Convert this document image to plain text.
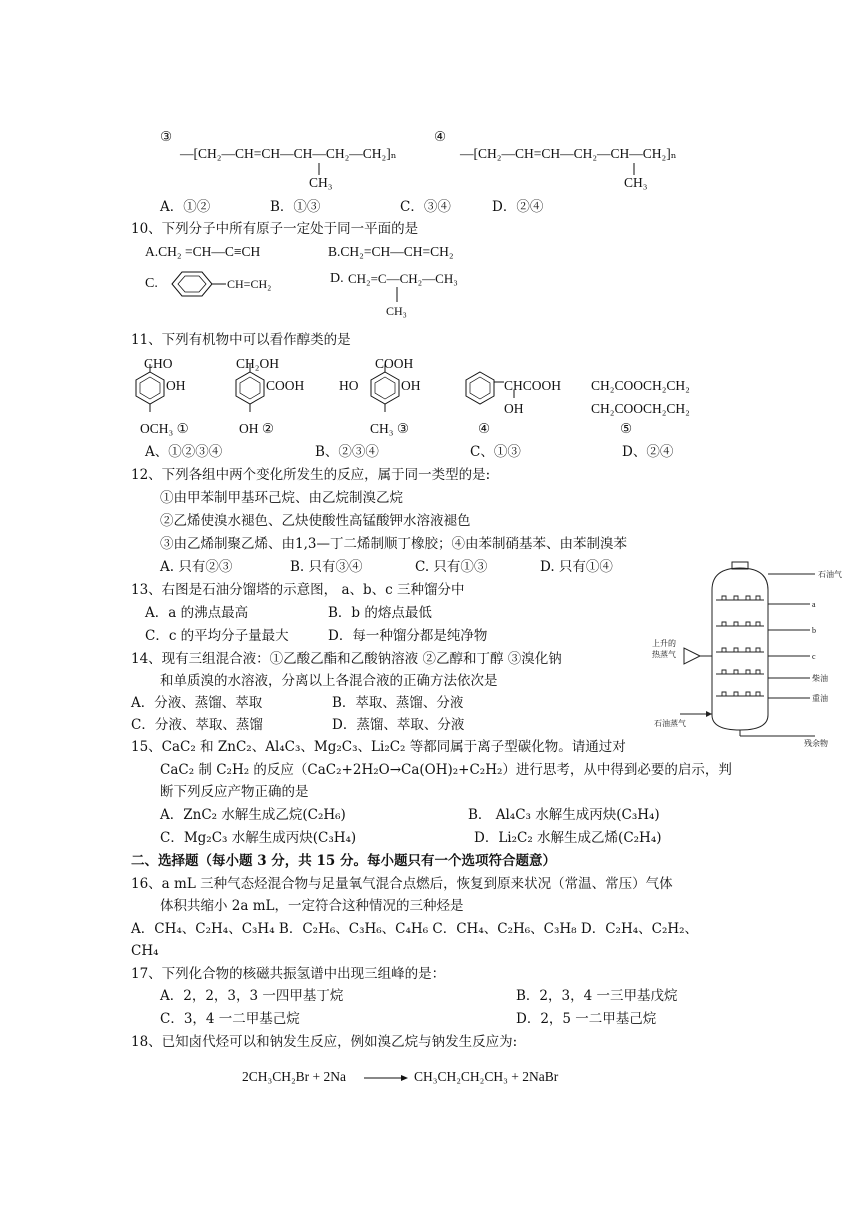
③
—[CH₂—CH=CH—CH—CH₂—CH₂]ₙ
CH₃
④
—[CH₂—CH=CH—CH₂—CH—CH₂]ₙ
CH₃
A．①②	B．①③	C．③④	D．②④
10、下列分子中所有原子一定处于同一平面的是
A.CH₂ =CH—C≡CH	B.CH₂=CH—CH=CH₂
C.	CH=CH₂	D. CH₂=C—CH₂—CH₃
CH₃
11、下列有机物中可以看作醇类的是
CHO
OH
OCH₃ ①
CH₂OH
COOH
OH ②
COOH
HO	OH
CH₃ ③
CHCOOH
OH
④
CH₂COOCH₂CH₂
CH₂COOCH₂CH₂
⑤
A、①②③④	B、②③④	C、①③	D、②④
12、下列各组中两个变化所发生的反应，属于同一类型的是:
①由甲苯制甲基环己烷、由乙烷制溴乙烷
②乙烯使溴水褪色、乙炔使酸性高锰酸钾水溶液褪色
③由乙烯制聚乙烯、由1,3—丁二烯制顺丁橡胶；④由苯制硝基苯、由苯制溴苯
A. 只有②③	B. 只有③④	C. 只有①③	D. 只有①④
13、右图是石油分馏塔的示意图， a、b、c 三种馏分中
A．a 的沸点最高	B．b 的熔点最低
C．c 的平均分子量最大	D．每一种馏分都是纯净物
石油气
a
b
c
柴油
重油
上升的
热蒸气
石油蒸气
残余物
14、现有三组混合液：①乙酸乙酯和乙酸钠溶液 ②乙醇和丁醇 ③溴化钠
和单质溴的水溶液，分离以上各混合液的正确方法依次是
A．分液、蒸馏、萃取	B．萃取、蒸馏、分液
C．分液、萃取、蒸馏	D．蒸馏、萃取、分液
15、CaC₂ 和 ZnC₂、Al₄C₃、Mg₂C₃、Li₂C₂ 等都同属于离子型碳化物。请通过对
CaC₂ 制 C₂H₂ 的反应（CaC₂+2H₂O→Ca(OH)₂+C₂H₂）进行思考，从中得到必要的启示，判
断下列反应产物正确的是
A．ZnC₂ 水解生成乙烷(C₂H₆)	B． Al₄C₃ 水解生成丙炔(C₃H₄)
C．Mg₂C₃ 水解生成丙炔(C₃H₄)	D．Li₂C₂ 水解生成乙烯(C₂H₄)
二、选择题（每小题 3 分，共 15 分。每小题只有一个选项符合题意）
16、a mL 三种气态烃混合物与足量氧气混合点燃后，恢复到原来状况（常温、常压）气体
体积共缩小 2a mL，一定符合这种情况的三种烃是
A．CH₄、C₂H₄、C₃H₄ B．C₂H₆、C₃H₆、C₄H₆ C．CH₄、C₂H₆、C₃H₈ D．C₂H₄、C₂H₂、
CH₄
17、下列化合物的核磁共振氢谱中出现三组峰的是：
A．2，2，3，3 一四甲基丁烷	B．2，3，4 一三甲基戊烷
C．3，4 一二甲基己烷	D．2，5 一二甲基己烷
18、已知卤代烃可以和钠发生反应，例如溴乙烷与钠发生反应为:
2CH₃CH₂Br + 2Na → CH₃CH₂CH₂CH₃ + 2NaBr
